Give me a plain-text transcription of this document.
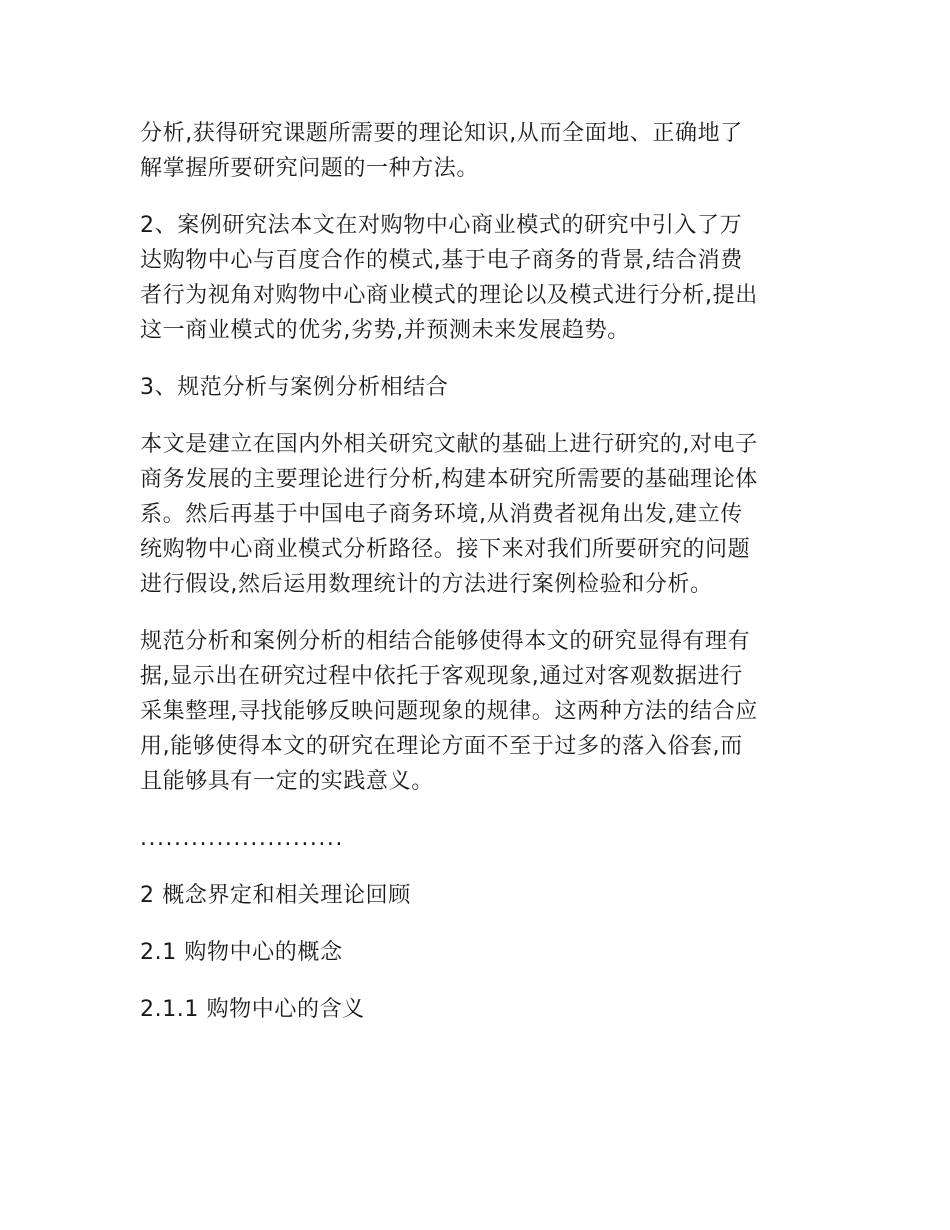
分析,获得研究课题所需要的理论知识,从而全面地、正确地了
解掌握所要研究问题的一种方法。
2、案例研究法本文在对购物中心商业模式的研究中引入了万
达购物中心与百度合作的模式,基于电子商务的背景,结合消费
者行为视角对购物中心商业模式的理论以及模式进行分析,提出
这一商业模式的优劣,劣势,并预测未来发展趋势。
3、规范分析与案例分析相结合
本文是建立在国内外相关研究文献的基础上进行研究的,对电子
商务发展的主要理论进行分析,构建本研究所需要的基础理论体
系。然后再基于中国电子商务环境,从消费者视角出发,建立传
统购物中心商业模式分析路径。接下来对我们所要研究的问题
进行假设,然后运用数理统计的方法进行案例检验和分析。
规范分析和案例分析的相结合能够使得本文的研究显得有理有
据,显示出在研究过程中依托于客观现象,通过对客观数据进行
采集整理,寻找能够反映问题现象的规律。这两种方法的结合应
用,能够使得本文的研究在理论方面不至于过多的落入俗套,而
且能够具有一定的实践意义。
........................
2 概念界定和相关理论回顾
2.1 购物中心的概念
2.1.1 购物中心的含义
